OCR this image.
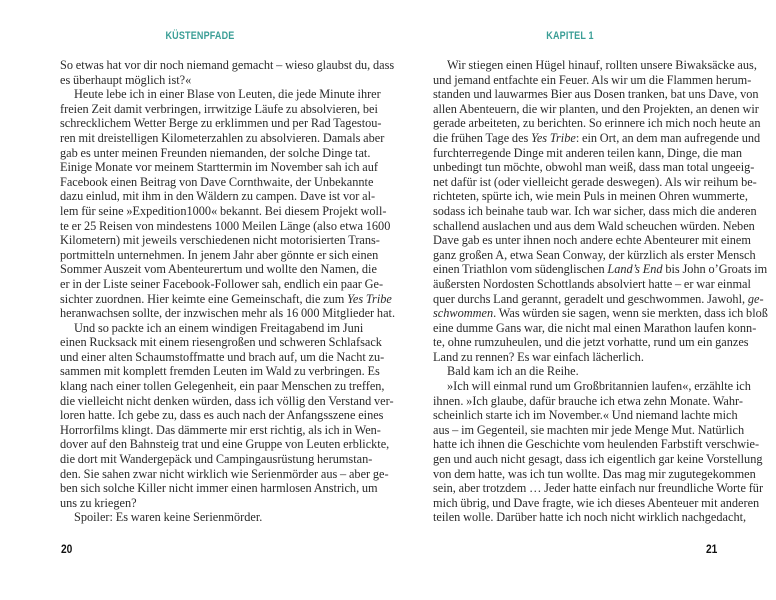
KÜSTENPFADE
So etwas hat vor dir noch niemand gemacht – wieso glaubst du, dass
es überhaupt möglich ist?«
Heute lebe ich in einer Blase von Leuten, die jede Minute ihrer
freien Zeit damit verbringen, irrwitzige Läufe zu absolvieren, bei
schrecklichem Wetter Berge zu erklimmen und per Rad Tagestou-
ren mit dreistelligen Kilometerzahlen zu absolvieren. Damals aber
gab es unter meinen Freunden niemanden, der solche Dinge tat.
Einige Monate vor meinem Starttermin im November sah ich auf
Facebook einen Beitrag von Dave Cornthwaite, der Unbekannte
dazu einlud, mit ihm in den Wäldern zu campen. Dave ist vor al-
lem für seine »Expedition1000« bekannt. Bei diesem Projekt woll-
te er 25 Reisen von mindestens 1000 Meilen Länge (also etwa 1600
Kilometern) mit jeweils verschiedenen nicht motorisierten Trans-
portmitteln unternehmen. In jenem Jahr aber gönnte er sich einen
Sommer Auszeit vom Abenteurertum und wollte den Namen, die
er in der Liste seiner Facebook-Follower sah, endlich ein paar Ge-
sichter zuordnen. Hier keimte eine Gemeinschaft, die zum Yes Tribe
heranwachsen sollte, der inzwischen mehr als 16 000 Mitglieder hat.
Und so packte ich an einem windigen Freitagabend im Juni
einen Rucksack mit einem riesengroßen und schweren Schlafsack
und einer alten Schaumstoffmatte und brach auf, um die Nacht zu-
sammen mit komplett fremden Leuten im Wald zu verbringen. Es
klang nach einer tollen Gelegenheit, ein paar Menschen zu treffen,
die vielleicht nicht denken würden, dass ich völlig den Verstand ver-
loren hatte. Ich gebe zu, dass es auch nach der Anfangsszene eines
Horrorfilms klingt. Das dämmerte mir erst richtig, als ich in Wen-
dover auf den Bahnsteig trat und eine Gruppe von Leuten erblickte,
die dort mit Wandergepäck und Campingausrüstung herumstan-
den. Sie sahen zwar nicht wirklich wie Serienmörder aus – aber ge-
ben sich solche Killer nicht immer einen harmlosen Anstrich, um
uns zu kriegen?
Spoiler: Es waren keine Serienmörder.
20
KAPITEL 1
Wir stiegen einen Hügel hinauf, rollten unsere Biwaksäcke aus,
und jemand entfachte ein Feuer. Als wir um die Flammen herum-
standen und lauwarmes Bier aus Dosen tranken, bat uns Dave, von
allen Abenteuern, die wir planten, und den Projekten, an denen wir
gerade arbeiteten, zu berichten. So erinnere ich mich noch heute an
die frühen Tage des Yes Tribe: ein Ort, an dem man aufregende und
furchterregende Dinge mit anderen teilen kann, Dinge, die man
unbedingt tun möchte, obwohl man weiß, dass man total ungeeig-
net dafür ist (oder vielleicht gerade deswegen). Als wir reihum be-
richteten, spürte ich, wie mein Puls in meinen Ohren wummerte,
sodass ich beinahe taub war. Ich war sicher, dass mich die anderen
schallend auslachen und aus dem Wald scheuchen würden. Neben
Dave gab es unter ihnen noch andere echte Abenteurer mit einem
ganz großen A, etwa Sean Conway, der kürzlich als erster Mensch
einen Triathlon vom südenglischen Land’s End bis John o’Groats im
äußersten Nordosten Schottlands absolviert hatte – er war einmal
quer durchs Land gerannt, geradelt und geschwommen. Jawohl, ge-
schwommen. Was würden sie sagen, wenn sie merkten, dass ich bloß
eine dumme Gans war, die nicht mal einen Marathon laufen konn-
te, ohne rumzuheulen, und die jetzt vorhatte, rund um ein ganzes
Land zu rennen? Es war einfach lächerlich.
Bald kam ich an die Reihe.
»Ich will einmal rund um Großbritannien laufen«, erzählte ich
ihnen. »Ich glaube, dafür brauche ich etwa zehn Monate. Wahr-
scheinlich starte ich im November.« Und niemand lachte mich
aus – im Gegenteil, sie machten mir jede Menge Mut. Natürlich
hatte ich ihnen die Geschichte vom heulenden Farbstift verschwie-
gen und auch nicht gesagt, dass ich eigentlich gar keine Vorstellung
von dem hatte, was ich tun wollte. Das mag mir zugutegekommen
sein, aber trotzdem … Jeder hatte einfach nur freundliche Worte für
mich übrig, und Dave fragte, wie ich dieses Abenteuer mit anderen
teilen wolle. Darüber hatte ich noch nicht wirklich nachgedacht,
21
